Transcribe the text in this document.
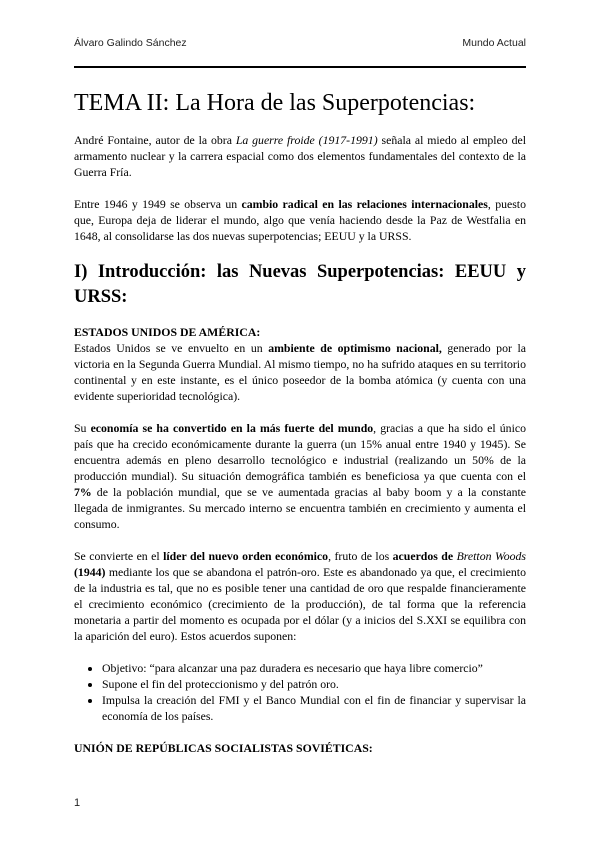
Álvaro Galindo Sánchez	Mundo Actual
TEMA II: La Hora de las Superpotencias:

André Fontaine, autor de la obra La guerre froide (1917-1991) señala al miedo al empleo del armamento nuclear y la carrera espacial como dos elementos fundamentales del contexto de la Guerra Fría.

Entre 1946 y 1949 se observa un cambio radical en las relaciones internacionales, puesto que, Europa deja de liderar el mundo, algo que venía haciendo desde la Paz de Westfalia en 1648, al consolidarse las dos nuevas superpotencias; EEUU y la URSS.

I) Introducción: las Nuevas Superpotencias: EEUU y URSS:

ESTADOS UNIDOS DE AMÉRICA:

Estados Unidos se ve envuelto en un ambiente de optimismo nacional, generado por la victoria en la Segunda Guerra Mundial. Al mismo tiempo, no ha sufrido ataques en su territorio continental y en este instante, es el único poseedor de la bomba atómica (y cuenta con una evidente superioridad tecnológica).

Su economía se ha convertido en la más fuerte del mundo, gracias a que ha sido el único país que ha crecido económicamente durante la guerra (un 15% anual entre 1940 y 1945). Se encuentra además en pleno desarrollo tecnológico e industrial (realizando un 50% de la producción mundial). Su situación demográfica también es beneficiosa ya que cuenta con el 7% de la población mundial, que se ve aumentada gracias al baby boom y a la constante llegada de inmigrantes. Su mercado interno se encuentra también en crecimiento y aumenta el consumo.

Se convierte en el líder del nuevo orden económico, fruto de los acuerdos de Bretton Woods (1944) mediante los que se abandona el patrón-oro. Este es abandonado ya que, el crecimiento de la industria es tal, que no es posible tener una cantidad de oro que respalde financieramente el crecimiento económico (crecimiento de la producción), de tal forma que la referencia monetaria a partir del momento es ocupada por el dólar (y a inicios del S.XXI se equilibra con la aparición del euro). Estos acuerdos suponen:

• Objetivo: “para alcanzar una paz duradera es necesario que haya libre comercio”
• Supone el fin del proteccionismo y del patrón oro.
• Impulsa la creación del FMI y el Banco Mundial con el fin de financiar y supervisar la economía de los países.

UNIÓN DE REPÚBLICAS SOCIALISTAS SOVIÉTICAS:

1
